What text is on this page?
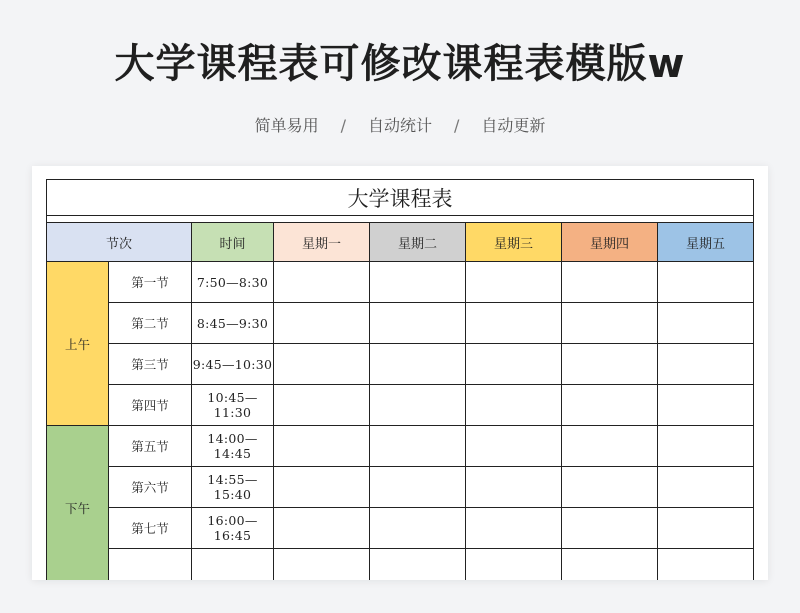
大学课程表可修改课程表模版w
简单易用 / 自动统计 / 自动更新
大学课程表							

节次		时间	星期一	星期二	星期三	星期四	星期五
上午	第一节	7:50—8:30					
	第二节	8:45—9:30					
	第三节	9:45—10:30					
	第四节	10:45—11:30					
下午	第五节	14:00—14:45					
	第六节	14:55—15:40					
	第七节	16:00—16:45					
